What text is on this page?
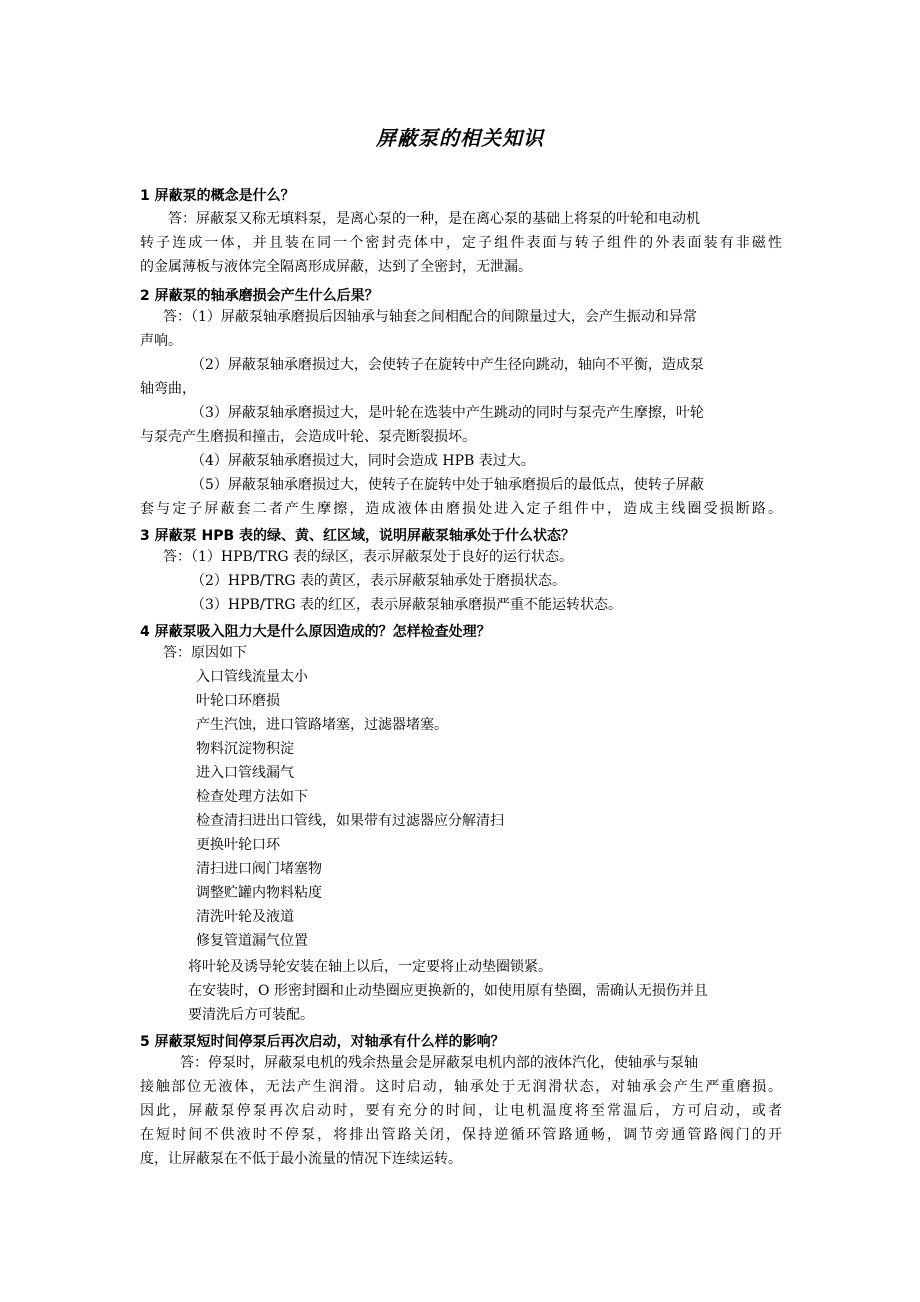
屏蔽泵的相关知识
1 屏蔽泵的概念是什么？
答：屏蔽泵又称无填料泵，是离心泵的一种，是在离心泵的基础上将泵的叶轮和电动机
转子连成一体，并且装在同一个密封壳体中，定子组件表面与转子组件的外表面装有非磁性
的金属薄板与液体完全隔离形成屏蔽，达到了全密封，无泄漏。
2 屏蔽泵的轴承磨损会产生什么后果？
答：（1）屏蔽泵轴承磨损后因轴承与轴套之间相配合的间隙量过大，会产生振动和异常
声响。
（2）屏蔽泵轴承磨损过大，会使转子在旋转中产生径向跳动，轴向不平衡，造成泵
轴弯曲，
（3）屏蔽泵轴承磨损过大，是叶轮在选装中产生跳动的同时与泵壳产生摩擦，叶轮
与泵壳产生磨损和撞击，会造成叶轮、泵壳断裂损坏。
（4）屏蔽泵轴承磨损过大，同时会造成 HPB 表过大。
（5）屏蔽泵轴承磨损过大，使转子在旋转中处于轴承磨损后的最低点，使转子屏蔽
套与定子屏蔽套二者产生摩擦，造成液体由磨损处进入定子组件中，造成主线圈受损断路。
3 屏蔽泵 HPB 表的绿、黄、红区域，说明屏蔽泵轴承处于什么状态？
答：（1）HPB/TRG 表的绿区，表示屏蔽泵处于良好的运行状态。
（2）HPB/TRG 表的黄区，表示屏蔽泵轴承处于磨损状态。
（3）HPB/TRG 表的红区，表示屏蔽泵轴承磨损严重不能运转状态。
4 屏蔽泵吸入阻力大是什么原因造成的？怎样检查处理？
答：原因如下
入口管线流量太小
叶轮口环磨损
产生汽蚀，进口管路堵塞，过滤器堵塞。
物料沉淀物积淀
进入口管线漏气
检查处理方法如下
检查清扫进出口管线，如果带有过滤器应分解清扫
更换叶轮口环
清扫进口阀门堵塞物
调整贮罐内物料粘度
清洗叶轮及液道
修复管道漏气位置
将叶轮及诱导轮安装在轴上以后，一定要将止动垫圈锁紧。
在安装时，O 形密封圈和止动垫圈应更换新的，如使用原有垫圈，需确认无损伤并且
要清洗后方可装配。
5 屏蔽泵短时间停泵后再次启动，对轴承有什么样的影响？
答：停泵时，屏蔽泵电机的残余热量会是屏蔽泵电机内部的液体汽化，使轴承与泵轴
接触部位无液体，无法产生润滑。这时启动，轴承处于无润滑状态，对轴承会产生严重磨损。
因此，屏蔽泵停泵再次启动时，要有充分的时间，让电机温度将至常温后，方可启动，或者
在短时间不供液时不停泵，将排出管路关闭，保持逆循环管路通畅，调节旁通管路阀门的开
度，让屏蔽泵在不低于最小流量的情况下连续运转。
